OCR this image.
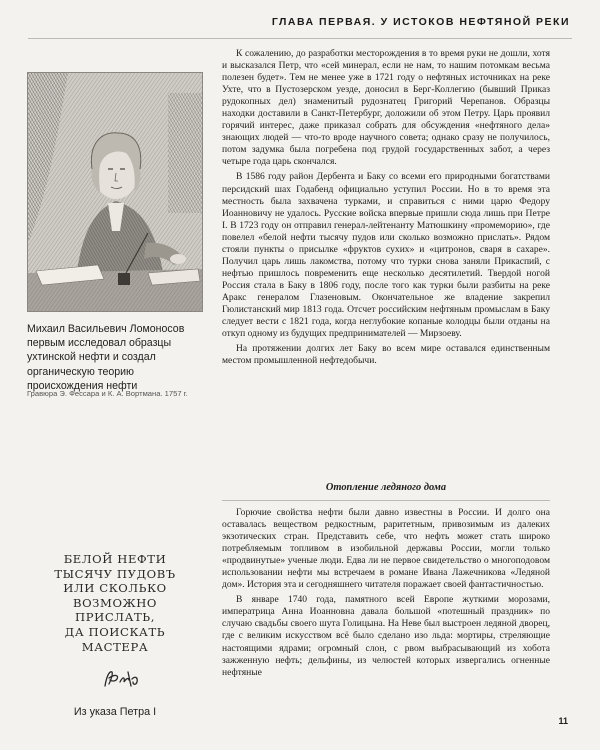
ГЛАВА ПЕРВАЯ. У ИСТОКОВ НЕФТЯНОЙ РЕКИ
Михаил Васильевич Ломоносов первым исследовал образцы ухтинской нефти и создал органическую теорию происхождения нефти
Гравюра Э. Фессара и К. А. Вортмана. 1757 г.
БЕЛОЙ НЕФТИ
ТЫСЯЧУ ПУДОВЪ
ИЛИ СКОЛЬКО
ВОЗМОЖНО
ПРИСЛАТЬ,
ДА ПОИСКАТЬ
МАСТЕРА
Из указа Петра I

К сожалению, до разработки месторождения в то время руки не дошли, хотя и высказался Петр, что «сей минерал, если не нам, то нашим потомкам весьма полезен будет». Тем не менее уже в 1721 году о нефтяных источниках на реке Ухте, что в Пустозерском уезде, доносил в Берг-Коллегию (бывший Приказ рудокопных дел) знаменитый рудознатец Григорий Черепанов. Образцы находки доставили в Санкт-Петербург, доложили об этом Петру. Царь проявил горячий интерес, даже приказал собрать для обсуждения «нефтяного дела» знающих людей — что-то вроде научного совета; однако сразу не получилось, потом задумка была погребена под грудой государственных забот, а через четыре года царь скончался.

В 1586 году район Дербента и Баку со всеми его природными богатствами персидский шах Годабенд официально уступил России. Но в то время эта местность была захвачена турками, и справиться с ними царю Федору Иоанновичу не удалось. Русские войска впервые пришли сюда лишь при Петре I. В 1723 году он отправил генерал-лейтенанту Матюшкину «промеморию», где повелел «белой нефти тысячу пудов или сколько возможно прислать». Рядом стояли пункты о присылке «фруктов сухих» и «цитронов, сваря в сахаре». Получил царь лишь лакомства, потому что турки снова заняли Прикаспий, с нефтью пришлось повременить еще несколько десятилетий. Твердой ногой Россия стала в Баку в 1806 году, после того как турки были разбиты на реке Аракс генералом Глазеновым. Окончательное же владение закрепил Гюлистанский мир 1813 года. Отсчет российским нефтяным промыслам в Баку следует вести с 1821 года, когда неглубокие копаные колодцы были отданы на откуп одному из будущих предпринимателей — Мирзоеву.

На протяжении долгих лет Баку во всем мире оставался единственным местом промышленной нефтедобычи.

Отопление ледяного дома

Горючие свойства нефти были давно известны в России. И долго она оставалась веществом редкостным, раритетным, привозимым из далеких экзотических стран. Представить себе, что нефть может стать широко потребляемым топливом в изобильной державы России, могли только «продвинутые» ученые люди. Едва ли не первое свидетельство о многоподовом использовании нефти мы встречаем в романе Ивана Лажечникова «Ледяной дом». История эта и сегодняшнего читателя поражает своей фантастичностью.

В январе 1740 года, памятного всей Европе жуткими морозами, императрица Анна Иоанновна давала большой «потешный праздник» по случаю свадьбы своего шута Голицына. На Неве был выстроен ледяной дворец, где с великим искусством всё было сделано изо льда: мортиры, стреляющие настоящими ядрами; огромный слон, с рвом выбрасывающий из хобота зажженную нефть; дельфины, из челюстей которых извергались огненные нефтяные

11
